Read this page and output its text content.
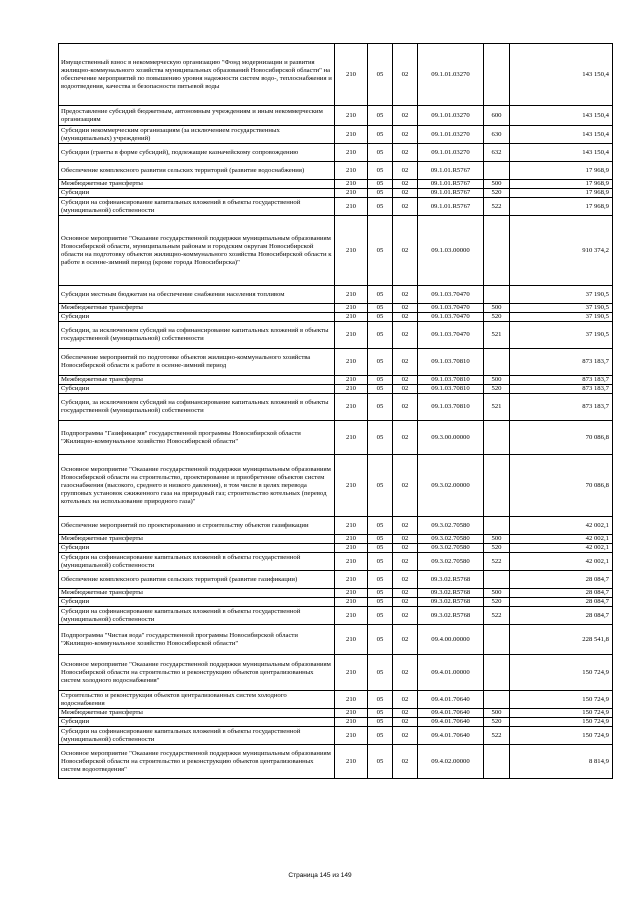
Имущественный взнос в некоммерческую организацию "Фонд модернизации и развития жилищно-коммунального хозяйства муниципальных образований Новосибирской области" на обеспечение мероприятий по повышению уровня надежности систем водо-, теплоснабжения и водоотведения, качества и безопасности питьевой воды	210	05	02	09.1.01.03270		143 150,4
Предоставление субсидий бюджетным, автономным учреждениям и иным некоммерческим организациям	210	05	02	09.1.01.03270	600	143 150,4
Субсидии некоммерческим организациям (за исключением государственных (муниципальных) учреждений)	210	05	02	09.1.01.03270	630	143 150,4
Субсидии (гранты в форме субсидий), подлежащие казначейскому сопровождению	210	05	02	09.1.01.03270	632	143 150,4
Обеспечение комплексного развития сельских территорий (развитие водоснабжения)	210	05	02	09.1.01.R5767		17 968,9
Межбюджетные трансферты	210	05	02	09.1.01.R5767	500	17 968,9
Субсидии	210	05	02	09.1.01.R5767	520	17 968,9
Субсидии на софинансирование капитальных вложений в объекты государственной (муниципальной) собственности	210	05	02	09.1.01.R5767	522	17 968,9
Основное мероприятие "Оказание государственной поддержки муниципальным образованиям Новосибирской области, муниципальным районам и городским округам Новосибирской области на подготовку объектов жилищно-коммунального хозяйства Новосибирской области к работе в осенне-зимний период (кроме города Новосибирска)"	210	05	02	09.1.03.00000		910 374,2
Субсидии местным бюджетам на обеспечение снабжения населения топливом	210	05	02	09.1.03.70470		37 190,5
Межбюджетные трансферты	210	05	02	09.1.03.70470	500	37 190,5
Субсидии	210	05	02	09.1.03.70470	520	37 190,5
Субсидии, за исключением субсидий на софинансирование капитальных вложений в объекты государственной (муниципальной) собственности	210	05	02	09.1.03.70470	521	37 190,5
Обеспечение мероприятий по подготовке объектов жилищно-коммунального хозяйства Новосибирской области к работе в осенне-зимний период	210	05	02	09.1.03.70810		873 183,7
Межбюджетные трансферты	210	05	02	09.1.03.70810	500	873 183,7
Субсидии	210	05	02	09.1.03.70810	520	873 183,7
Субсидии, за исключением субсидий на софинансирование капитальных вложений в объекты государственной (муниципальной) собственности	210	05	02	09.1.03.70810	521	873 183,7
Подпрограмма "Газификация" государственной программы Новосибирской области "Жилищно-коммунальное хозяйство Новосибирской области"	210	05	02	09.3.00.00000		70 086,8
Основное мероприятие "Оказание государственной поддержки муниципальным образованиям Новосибирской области на строительство, проектирование и приобретение объектов систем газоснабжения (высокого, среднего и низкого давления), в том числе в целях перевода групповых установок сжиженного газа на природный газ; строительство котельных (перевод котельных на использование природного газа)"	210	05	02	09.3.02.00000		70 086,8
Обеспечение мероприятий по проектированию и строительству объектов газификации	210	05	02	09.3.02.70580		42 002,1
Межбюджетные трансферты	210	05	02	09.3.02.70580	500	42 002,1
Субсидии	210	05	02	09.3.02.70580	520	42 002,1
Субсидии на софинансирование капитальных вложений в объекты государственной (муниципальной) собственности	210	05	02	09.3.02.70580	522	42 002,1
Обеспечение комплексного развития сельских территорий (развитие газификации)	210	05	02	09.3.02.R5768		28 084,7
Межбюджетные трансферты	210	05	02	09.3.02.R5768	500	28 084,7
Субсидии	210	05	02	09.3.02.R5768	520	28 084,7
Субсидии на софинансирование капитальных вложений в объекты государственной (муниципальной) собственности	210	05	02	09.3.02.R5768	522	28 084,7
Подпрограмма "Чистая вода" государственной программы Новосибирской области "Жилищно-коммунальное хозяйство Новосибирской области"	210	05	02	09.4.00.00000		228 541,8
Основное мероприятие "Оказание государственной поддержки муниципальным образованиям Новосибирской области на строительство и реконструкцию объектов централизованных систем холодного водоснабжения"	210	05	02	09.4.01.00000		150 724,9
Строительство и реконструкция объектов централизованных систем холодного водоснабжения	210	05	02	09.4.01.70640		150 724,9
Межбюджетные трансферты	210	05	02	09.4.01.70640	500	150 724,9
Субсидии	210	05	02	09.4.01.70640	520	150 724,9
Субсидии на софинансирование капитальных вложений в объекты государственной (муниципальной) собственности	210	05	02	09.4.01.70640	522	150 724,9
Основное мероприятие "Оказание государственной поддержки муниципальным образованиям Новосибирской области на строительство и реконструкцию объектов централизованных систем водоотведения"	210	05	02	09.4.02.00000		8 814,9
Страница 145 из 149
